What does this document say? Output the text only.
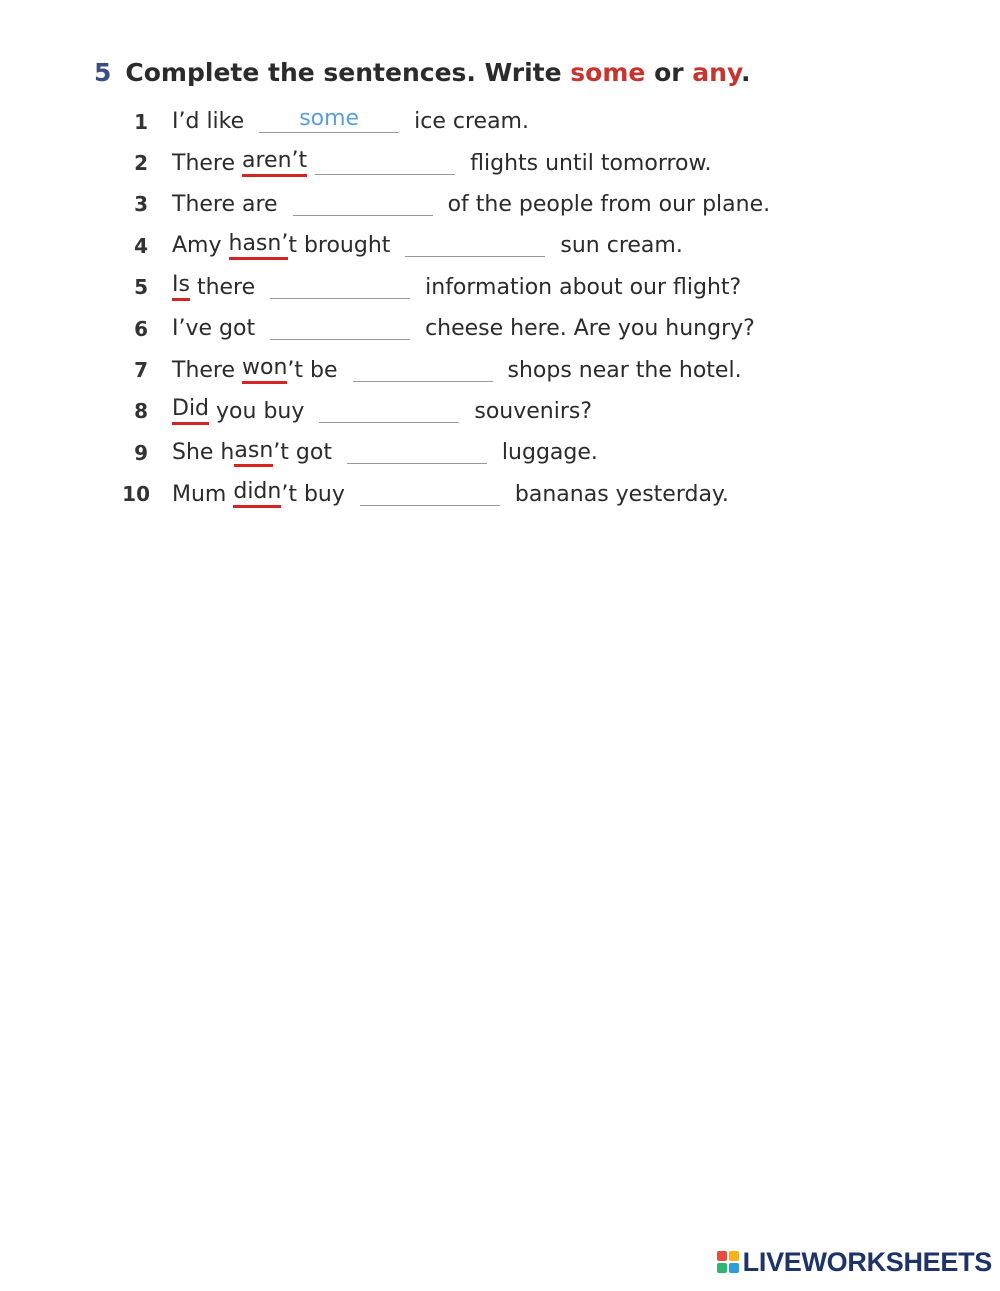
5 Complete the sentences. Write some or any.
1 I’d like	some	ice cream.
2 There aren’t	flights until tomorrow.
3 There are	of the people from our plane.
4 Amy hasn’ t brought	sun cream.
5 Is there	information about our flight?
6 I’ve got	cheese here. Are you hungry?
7 There won ’t be	shops near the hotel.
8 Did you buy	souvenirs?
9 She h asn ’t got	luggage.
10 Mum didn ’t buy	bananas yesterday.
LIVEWORKSHEETS
